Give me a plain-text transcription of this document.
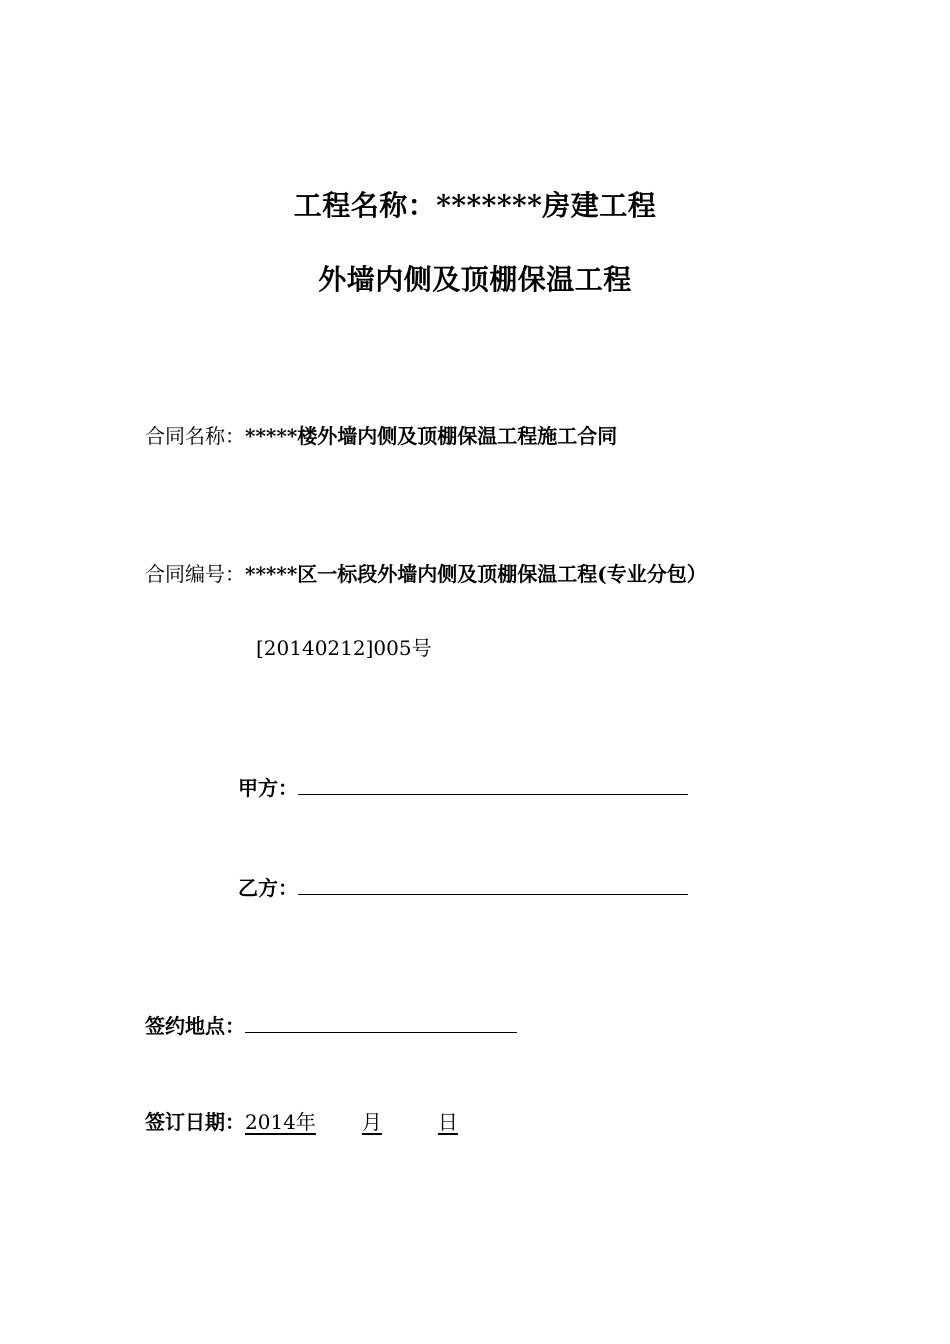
工程名称：*******房建工程
外墙内侧及顶棚保温工程
合同名称：*****楼外墙内侧及顶棚保温工程施工合同
合同编号：*****区一标段外墙内侧及顶棚保温工程(专业分包）
[20140212]005号
甲方：
乙方：
签约地点：
签订日期：2014年 月	日
